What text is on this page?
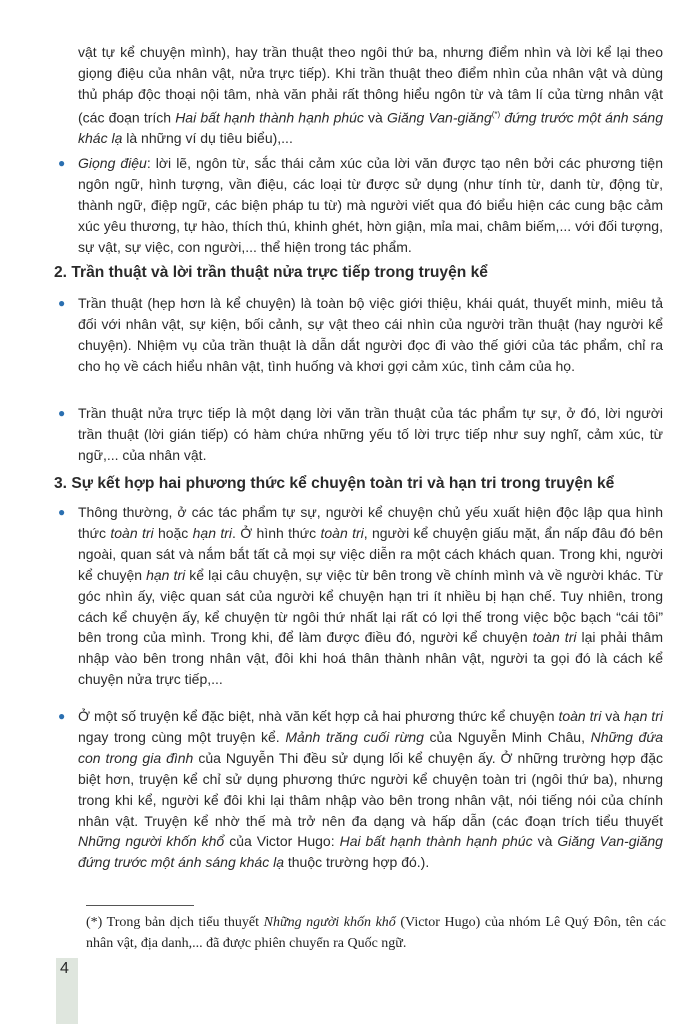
vật tự kể chuyện mình), hay trần thuật theo ngôi thứ ba, nhưng điểm nhìn và lời kể lại theo giọng điệu của nhân vật, nửa trực tiếp). Khi trần thuật theo điểm nhìn của nhân vật và dùng thủ pháp độc thoại nội tâm, nhà văn phải rất thông hiểu ngôn từ và tâm lí của từng nhân vật (các đoạn trích Hai bất hạnh thành hạnh phúc và Giăng Van-giăng(*) đứng trước một ánh sáng khác lạ là những ví dụ tiêu biểu),...

● Giọng điệu: lời lẽ, ngôn từ, sắc thái cảm xúc của lời văn được tạo nên bởi các phương tiện ngôn ngữ, hình tượng, vần điệu, các loại từ được sử dụng (như tính từ, danh từ, động từ, thành ngữ, điệp ngữ, các biện pháp tu từ) mà người viết qua đó biểu hiện các cung bậc cảm xúc yêu thương, tự hào, thích thú, khinh ghét, hờn giận, mỉa mai, châm biếm,... với đối tượng, sự vật, sự việc, con người,... thể hiện trong tác phẩm.

2. Trần thuật và lời trần thuật nửa trực tiếp trong truyện kể

● Trần thuật (hẹp hơn là kể chuyện) là toàn bộ việc giới thiệu, khái quát, thuyết minh, miêu tả đối với nhân vật, sự kiện, bối cảnh, sự vật theo cái nhìn của người trần thuật (hay người kể chuyện). Nhiệm vụ của trần thuật là dẫn dắt người đọc đi vào thế giới của tác phẩm, chỉ ra cho họ về cách hiểu nhân vật, tình huống và khơi gợi cảm xúc, tình cảm của họ.

● Trần thuật nửa trực tiếp là một dạng lời văn trần thuật của tác phẩm tự sự, ở đó, lời người trần thuật (lời gián tiếp) có hàm chứa những yếu tố lời trực tiếp như suy nghĩ, cảm xúc, từ ngữ,... của nhân vật.

3. Sự kết hợp hai phương thức kể chuyện toàn tri và hạn tri trong truyện kể

● Thông thường, ở các tác phẩm tự sự, người kể chuyện chủ yếu xuất hiện độc lập qua hình thức toàn tri hoặc hạn tri. Ở hình thức toàn tri, người kể chuyện giấu mặt, ẩn nấp đâu đó bên ngoài, quan sát và nắm bắt tất cả mọi sự việc diễn ra một cách khách quan. Trong khi, người kể chuyện hạn tri kể lại câu chuyện, sự việc từ bên trong về chính mình và về người khác. Từ góc nhìn ấy, việc quan sát của người kể chuyện hạn tri ít nhiều bị hạn chế. Tuy nhiên, trong cách kể chuyện ấy, kể chuyện từ ngôi thứ nhất lại rất có lợi thế trong việc bộc bạch “cái tôi” bên trong của mình. Trong khi, để làm được điều đó, người kể chuyện toàn tri lại phải thâm nhập vào bên trong nhân vật, đôi khi hoá thân thành nhân vật, người ta gọi đó là cách kể chuyện nửa trực tiếp,...

● Ở một số truyện kể đặc biệt, nhà văn kết hợp cả hai phương thức kể chuyện toàn tri và hạn tri ngay trong cùng một truyện kể. Mảnh trăng cuối rừng của Nguyễn Minh Châu, Những đứa con trong gia đình của Nguyễn Thi đều sử dụng lối kể chuyện ấy. Ở những trường hợp đặc biệt hơn, truyện kể chỉ sử dụng phương thức người kể chuyện toàn tri (ngôi thứ ba), nhưng trong khi kể, người kể đôi khi lại thâm nhập vào bên trong nhân vật, nói tiếng nói của chính nhân vật. Truyện kể nhờ thế mà trở nên đa dạng và hấp dẫn (các đoạn trích tiểu thuyết Những người khốn khổ của Victor Hugo: Hai bất hạnh thành hạnh phúc và Giăng Van-giăng đứng trước một ánh sáng khác lạ thuộc trường hợp đó.).

(*) Trong bản dịch tiểu thuyết Những người khốn khổ (Victor Hugo) của nhóm Lê Quý Đôn, tên các nhân vật, địa danh,... đã được phiên chuyển ra Quốc ngữ.

4
